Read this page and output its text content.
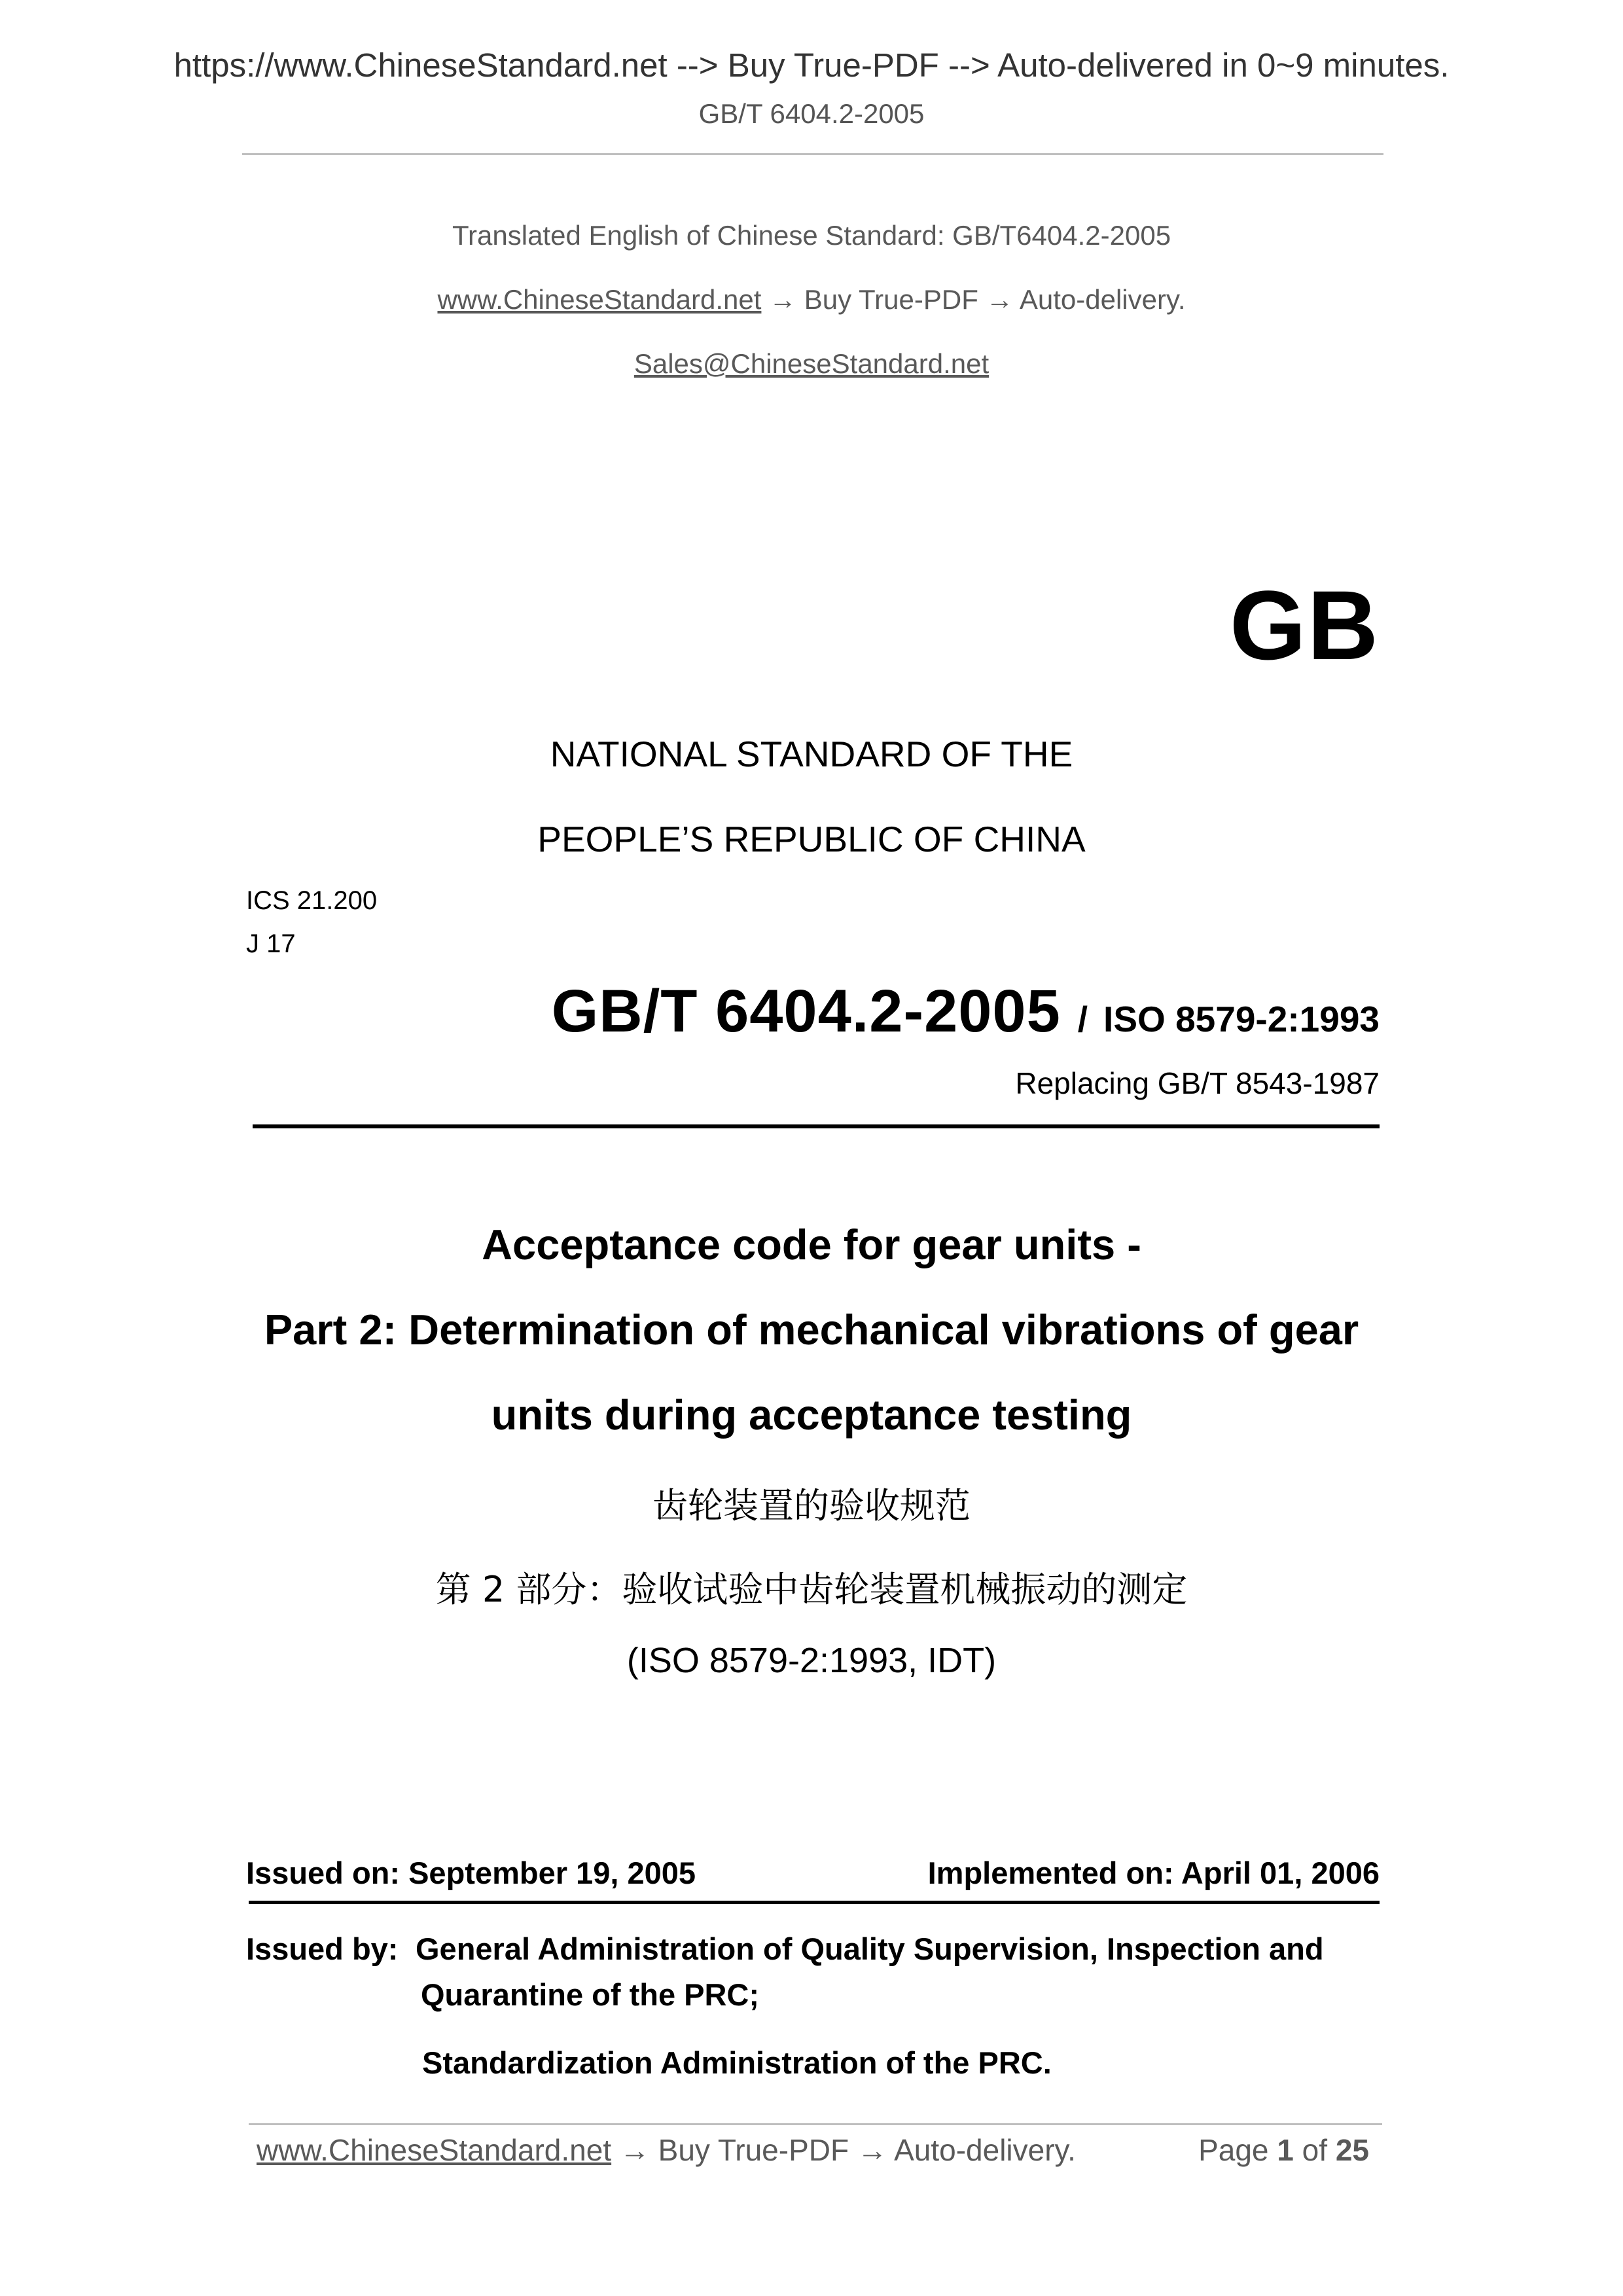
https://www.ChineseStandard.net --> Buy True-PDF --> Auto-delivered in 0~9 minutes.
GB/T 6404.2-2005
Translated English of Chinese Standard: GB/T6404.2-2005
www.ChineseStandard.net → Buy True-PDF → Auto-delivery.
Sales@ChineseStandard.net
GB
NATIONAL STANDARD OF THE
PEOPLE’S REPUBLIC OF CHINA
ICS 21.200
J 17
GB/T 6404.2-2005 / ISO 8579-2:1993
Replacing GB/T 8543-1987
Acceptance code for gear units -
Part 2: Determination of mechanical vibrations of gear
units during acceptance testing
齿轮装置的验收规范
第 2 部分：验收试验中齿轮装置机械振动的测定
(ISO 8579-2:1993, IDT)
Issued on: September 19, 2005	Implemented on: April 01, 2006
Issued by: General Administration of Quality Supervision, Inspection and
Quarantine of the PRC;
Standardization Administration of the PRC.
www.ChineseStandard.net → Buy True-PDF → Auto-delivery.	Page 1 of 25
